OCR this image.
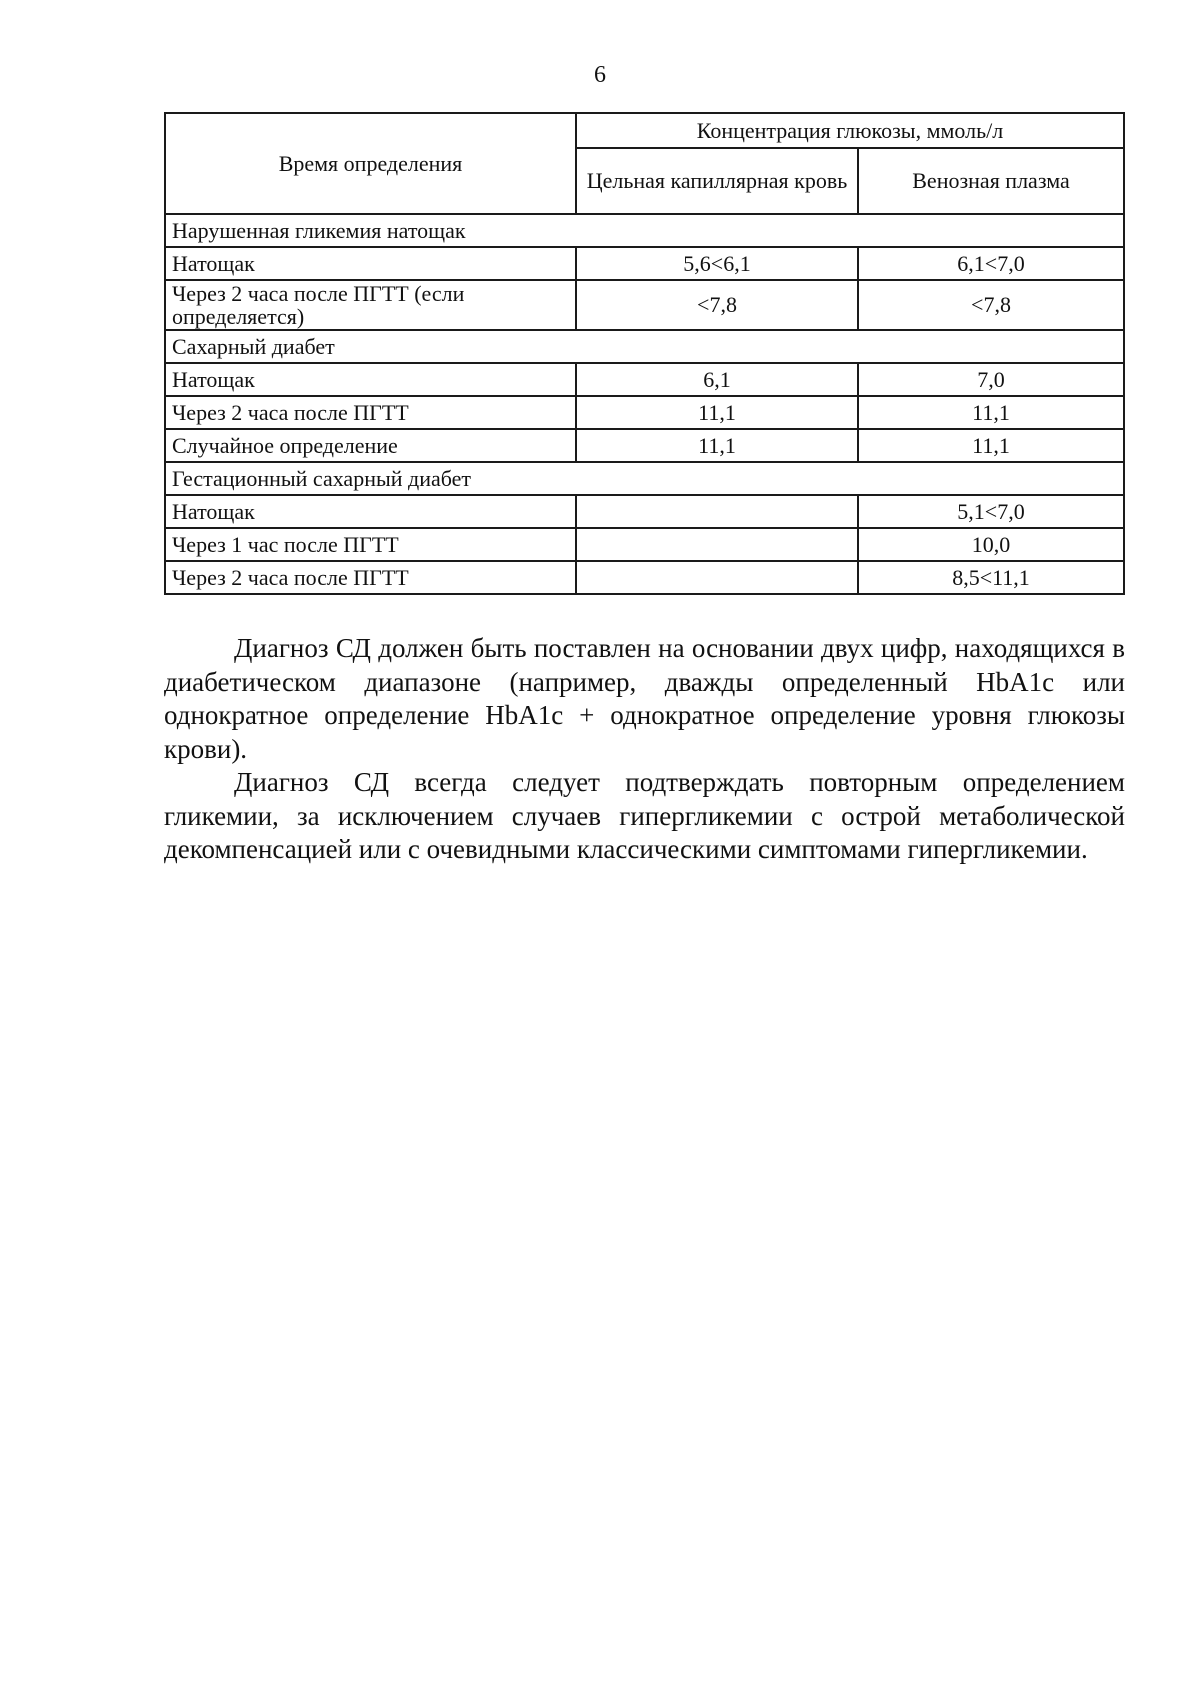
6
Время определения	Концентрация глюкозы, ммоль/л	
	Цельная капиллярная кровь	Венозная плазма
Нарушенная гликемия натощак		
Натощак	5,6<6,1	6,1<7,0
Через 2 часа после ПГТТ (если определяется)	<7,8	<7,8
Сахарный диабет		
Натощак	6,1	7,0
Через 2 часа после ПГТТ	11,1	11,1
Случайное определение	11,1	11,1
Гестационный сахарный диабет		
Натощак		5,1<7,0
Через 1 час после ПГТТ		10,0
Через 2 часа после ПГТТ		8,5<11,1

Диагноз СД должен быть поставлен на основании двух цифр, находящихся в диабетическом диапазоне (например, дважды определенный HbA1c или однократное определение HbA1c + однократное определение уровня глюкозы крови).

Диагноз СД всегда следует подтверждать повторным определением гликемии, за исключением случаев гипергликемии с острой метаболической декомпенсацией или с очевидными классическими симптомами гипергликемии.
